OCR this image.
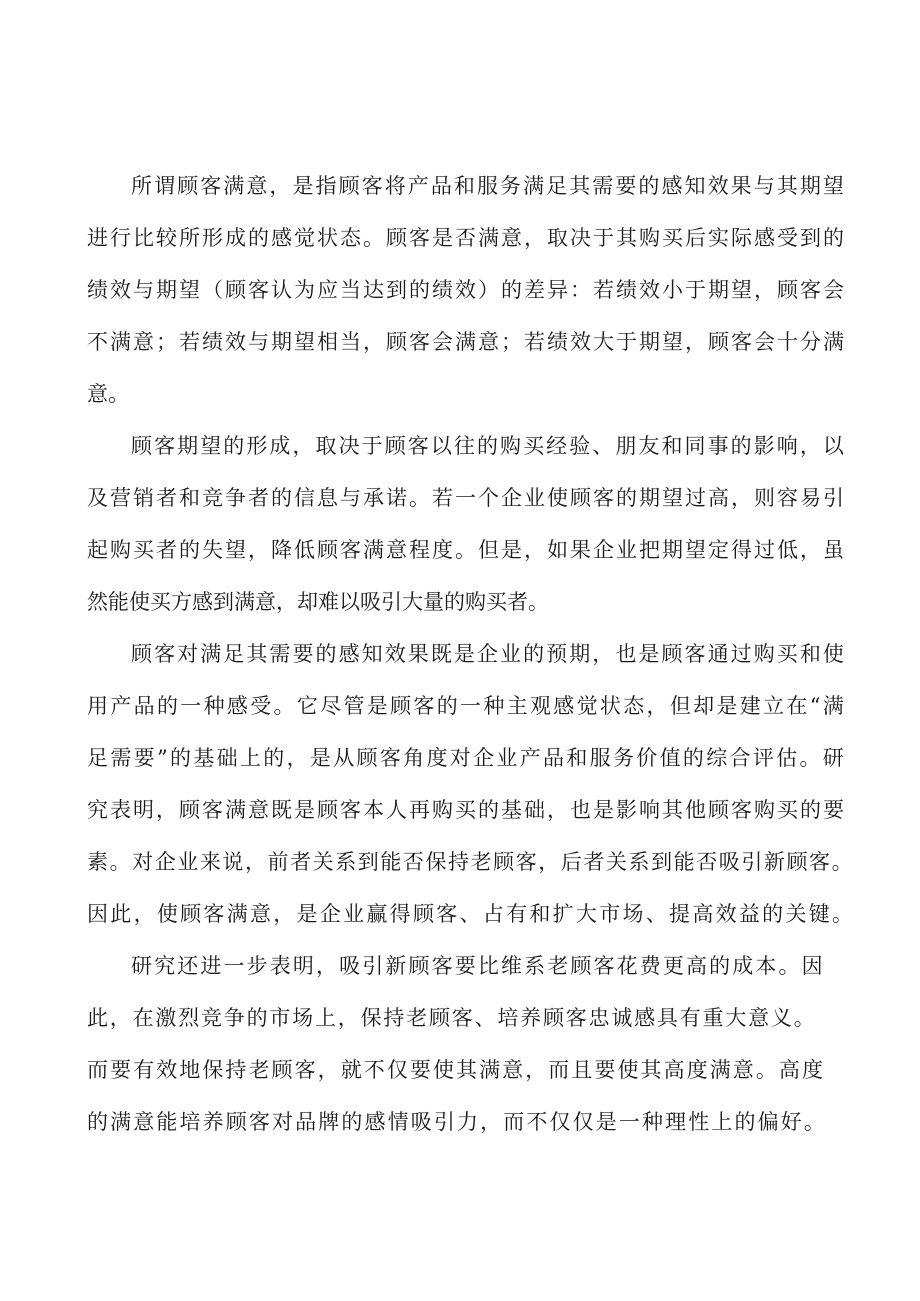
所 谓 顾 客 满 意 ， 是 指 顾 客 将 产 品 和 服 务 满 足 其 需 要 的 感 知 效 果 与 其 期 望
进 行 比 较 所 形 成 的 感 觉 状 态 。 顾 客 是 否 满 意 ， 取 决 于 其 购 买 后 实 际 感 受 到 的
绩 效 与 期 望 （ 顾 客 认 为 应 当 达 到 的 绩 效 ） 的 差 异 ： 若 绩 效 小 于 期 望 ， 顾 客 会
不 满 意 ； 若 绩 效 与 期 望 相 当 ， 顾 客 会 满 意 ； 若 绩 效 大 于 期 望 ， 顾 客 会 十 分 满
意。
顾 客 期 望 的 形 成 ， 取 决 于 顾 客 以 往 的 购 买 经 验 、 朋 友 和 同 事 的 影 响 ， 以
及 营 销 者 和 竞 争 者 的 信 息 与 承 诺 。 若 一 个 企 业 使 顾 客 的 期 望 过 高 ， 则 容 易 引
起 购 买 者 的 失 望 ， 降 低 顾 客 满 意 程 度 。 但 是 ， 如 果 企 业 把 期 望 定 得 过 低 ， 虽
然能使买方感到满意，却难以吸引大量的购买者。
顾 客 对 满 足 其 需 要 的 感 知 效 果 既 是 企 业 的 预 期 ， 也 是 顾 客 通 过 购 买 和 使
用 产 品 的 一 种 感 受 。 它 尽 管 是 顾 客 的 一 种 主 观 感 觉 状 态 ， 但 却 是 建 立 在 “ 满
足 需 要 ” 的 基 础 上 的 ， 是 从 顾 客 角 度 对 企 业 产 品 和 服 务 价 值 的 综 合 评 估 。 研
究 表 明 ， 顾 客 满 意 既 是 顾 客 本 人 再 购 买 的 基 础 ， 也 是 影 响 其 他 顾 客 购 买 的 要
素 。 对 企 业 来 说 ， 前 者 关 系 到 能 否 保 持 老 顾 客 ， 后 者 关 系 到 能 否 吸 引 新 顾 客 。
因 此 ， 使 顾 客 满 意 ， 是 企 业 赢 得 顾 客 、 占 有 和 扩 大 市 场 、 提 高 效 益 的 关 键 。
研 究 还 进 一 步 表 明 ， 吸 引 新 顾 客 要 比 维 系 老 顾 客 花 费 更 高 的 成 本 。 因
此 ， 在 激 烈 竞 争 的 市 场 上 ， 保 持 老 顾 客 、 培 养 顾 客 忠 诚 感 具 有 重 大 意 义 。
而 要 有 效 地 保 持 老 顾 客 ， 就 不 仅 要 使 其 满 意 ， 而 且 要 使 其 高 度 满 意 。 高 度
的 满 意 能 培 养 顾 客 对 品 牌 的 感 情 吸 引 力 ， 而 不 仅 仅 是 一 种 理 性 上 的 偏 好 。
